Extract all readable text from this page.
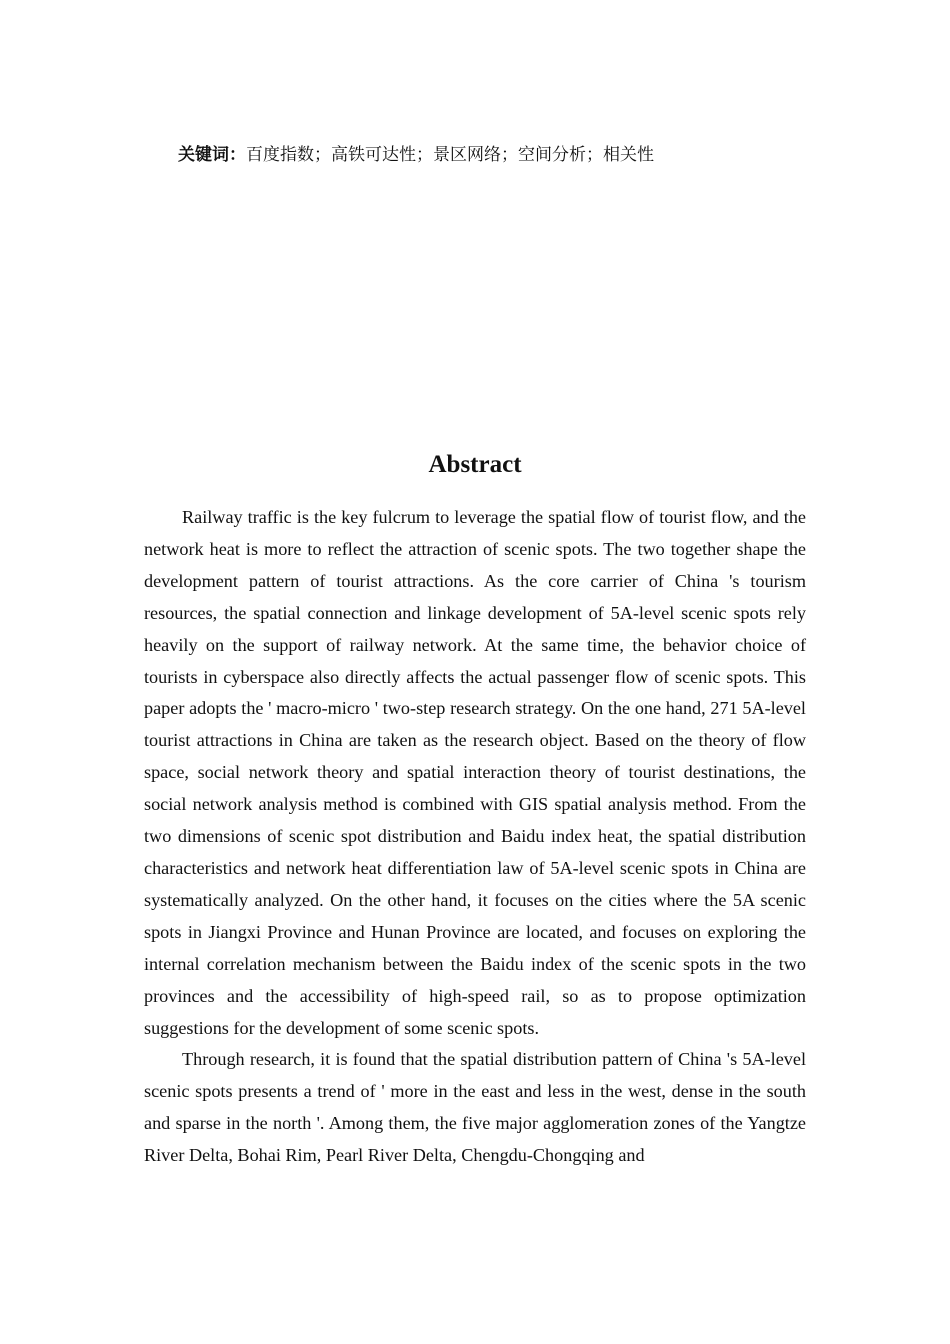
关键词：百度指数；高铁可达性；景区网络；空间分析；相关性
Abstract

Railway traffic is the key fulcrum to leverage the spatial flow of tourist flow, and the network heat is more to reflect the attraction of scenic spots. The two together shape the development pattern of tourist attractions. As the core carrier of China 's tourism resources, the spatial connection and linkage development of 5A-level scenic spots rely heavily on the support of railway network. At the same time, the behavior choice of tourists in cyberspace also directly affects the actual passenger flow of scenic spots. This paper adopts the ' macro-micro ' two-step research strategy. On the one hand, 271 5A-level tourist attractions in China are taken as the research object. Based on the theory of flow space, social network theory and spatial interaction theory of tourist destinations, the social network analysis method is combined with GIS spatial analysis method. From the two dimensions of scenic spot distribution and Baidu index heat, the spatial distribution characteristics and network heat differentiation law of 5A-level scenic spots in China are systematically analyzed. On the other hand, it focuses on the cities where the 5A scenic spots in Jiangxi Province and Hunan Province are located, and focuses on exploring the internal correlation mechanism between the Baidu index of the scenic spots in the two provinces and the accessibility of high-speed rail, so as to propose optimization suggestions for the development of some scenic spots.

Through research, it is found that the spatial distribution pattern of China 's 5A-level scenic spots presents a trend of ' more in the east and less in the west, dense in the south and sparse in the north '. Among them, the five major agglomeration zones of the Yangtze River Delta, Bohai Rim, Pearl River Delta, Chengdu-Chongqing and
